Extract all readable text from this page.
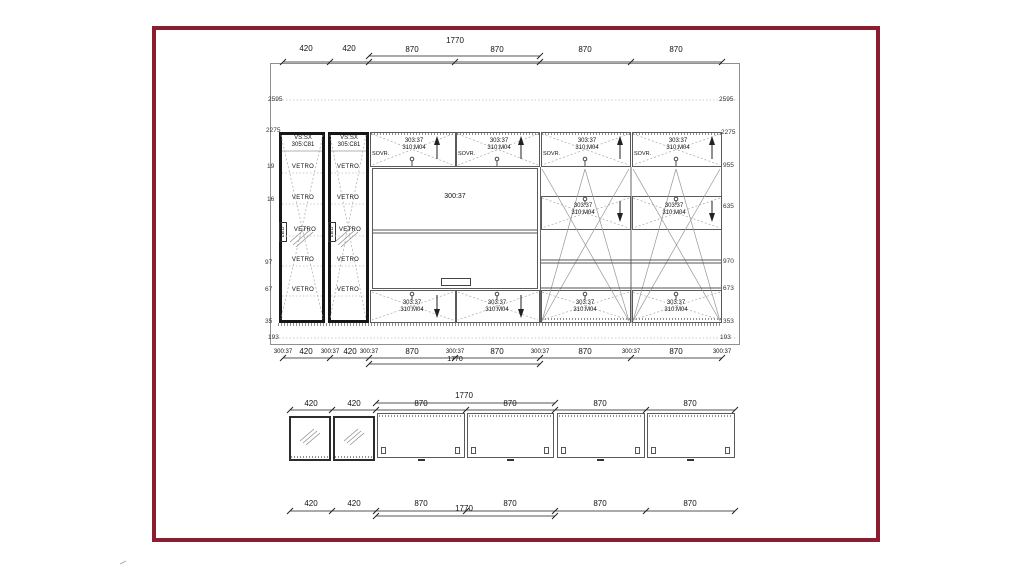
LED	LED
420	420	870	870	870	870
1770
2595
2275
19
16
97
67
35
193
2595
2275
955
635
970
673
353
193
VS:SX
305:C81
VS:SX
305:C81
VETRO
VETRO
VETRO
VETRO
VETRO
VETRO
VETRO
VETRO
VETRO
VETRO
SOVR.	SOVR.	SOVR.	SOVR.
303:37
310:M04
303:37
310:M04
303:37
310:M04
303:37
310:M04
300:37
303:37
310:M04
303:37
310:M04
303:37
310:M04
303:37
310:M04
303:37
310:M04
303:37
310:M04
300:37	300:37	300:37	300:37	300:37	300:37	300:37
420	420	870	870	870	870
1770
420	420	870	870	870	870
1770
420	420	870	870	870	870
1770
